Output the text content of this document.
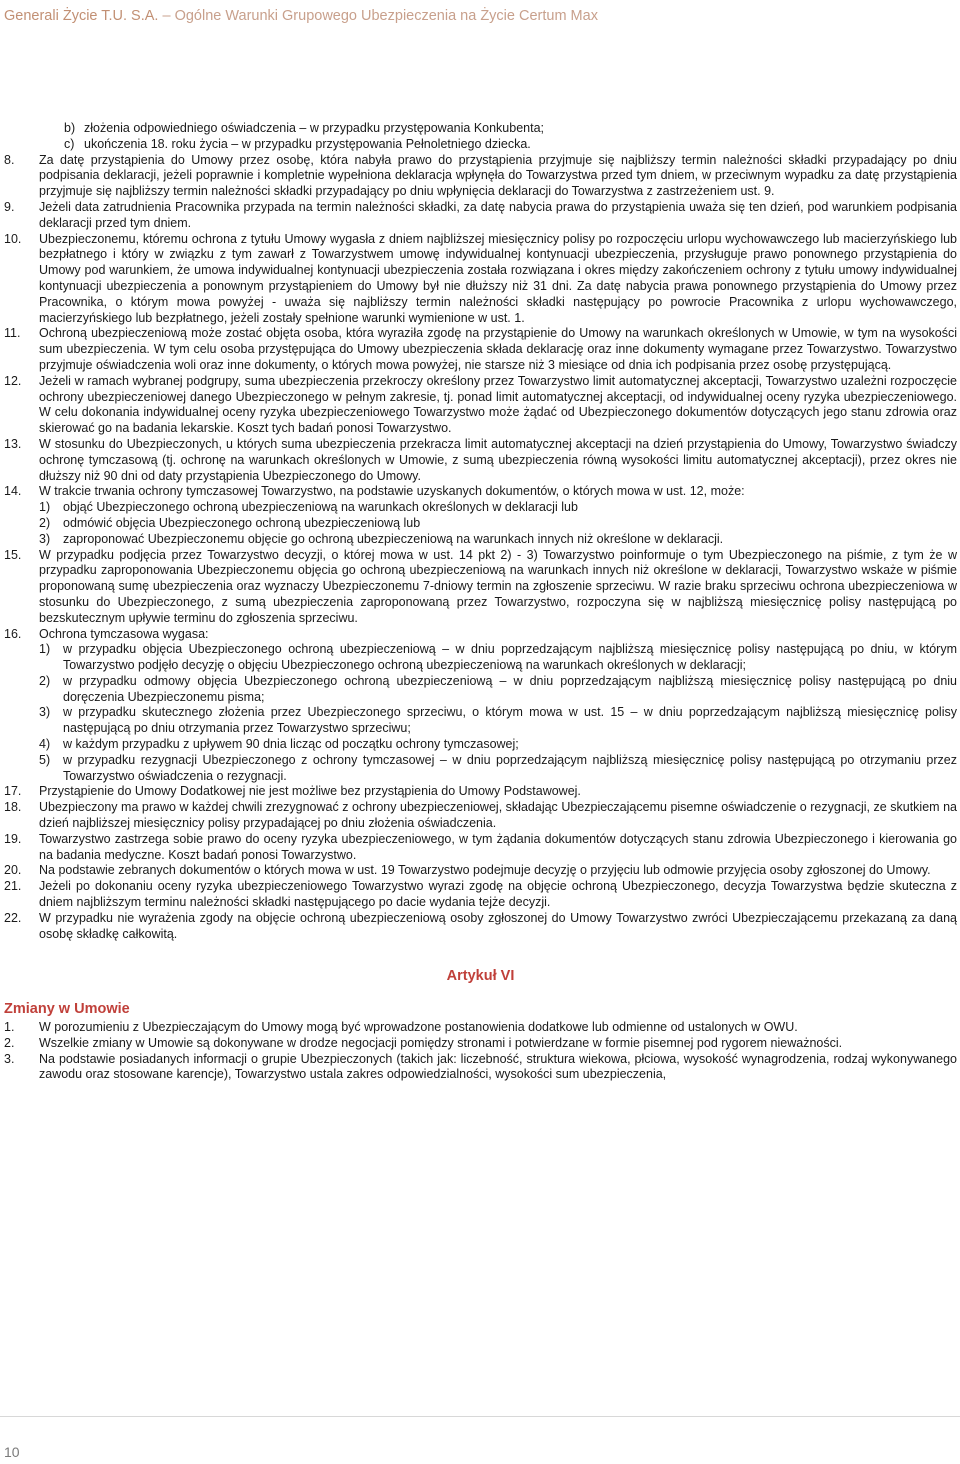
Generali Życie T.U. S.A. – Ogólne Warunki Grupowego Ubezpieczenia na Życie Certum Max
b) złożenia odpowiedniego oświadczenia – w przypadku przystępowania Konkubenta;
c) ukończenia 18. roku życia – w przypadku przystępowania Pełnoletniego dziecka.
8. Za datę przystąpienia do Umowy przez osobę, która nabyła prawo do przystąpienia przyjmuje się najbliższy termin należności składki przypadający po dniu podpisania deklaracji, jeżeli poprawnie i kompletnie wypełniona deklaracja wpłynęła do Towarzystwa przed tym dniem, w przeciwnym wypadku za datę przystąpienia przyjmuje się najbliższy termin należności składki przypadający po dniu wpłynięcia deklaracji do Towarzystwa z zastrzeżeniem ust. 9.
9. Jeżeli data zatrudnienia Pracownika przypada na termin należności składki, za datę nabycia prawa do przystąpienia uważa się ten dzień, pod warunkiem podpisania deklaracji przed tym dniem.
10. Ubezpieczonemu, któremu ochrona z tytułu Umowy wygasła z dniem najbliższej miesięcznicy polisy po rozpoczęciu urlopu wychowawczego lub macierzyńskiego lub bezpłatnego i który w związku z tym zawarł z Towarzystwem umowę indywidualnej kontynuacji ubezpieczenia, przysługuje prawo ponownego przystąpienia do Umowy pod warunkiem, że umowa indywidualnej kontynuacji ubezpieczenia została rozwiązana i okres między zakończeniem ochrony z tytułu umowy indywidualnej kontynuacji ubezpieczenia a ponownym przystąpieniem do Umowy był nie dłuższy niż 31 dni. Za datę nabycia prawa ponownego przystąpienia do Umowy przez Pracownika, o którym mowa powyżej - uważa się najbliższy termin należności składki następujący po powrocie Pracownika z urlopu wychowawczego, macierzyńskiego lub bezpłatnego, jeżeli zostały spełnione warunki wymienione w ust. 1.
11. Ochroną ubezpieczeniową może zostać objęta osoba, która wyraziła zgodę na przystąpienie do Umowy na warunkach określonych w Umowie, w tym na wysokości sum ubezpieczenia. W tym celu osoba przystępująca do Umowy ubezpieczenia składa deklarację oraz inne dokumenty wymagane przez Towarzystwo. Towarzystwo przyjmuje oświadczenia woli oraz inne dokumenty, o których mowa powyżej, nie starsze niż 3 miesiące od dnia ich podpisania przez osobę przystępującą.
12. Jeżeli w ramach wybranej podgrupy, suma ubezpieczenia przekroczy określony przez Towarzystwo limit automatycznej akceptacji, Towarzystwo uzależni rozpoczęcie ochrony ubezpieczeniowej danego Ubezpieczonego w pełnym zakresie, tj. ponad limit automatycznej akceptacji, od indywidualnej oceny ryzyka ubezpieczeniowego. W celu dokonania indywidualnej oceny ryzyka ubezpieczeniowego Towarzystwo może żądać od Ubezpieczonego dokumentów dotyczących jego stanu zdrowia oraz skierować go na badania lekarskie. Koszt tych badań ponosi Towarzystwo.
13. W stosunku do Ubezpieczonych, u których suma ubezpieczenia przekracza limit automatycznej akceptacji na dzień przystąpienia do Umowy, Towarzystwo świadczy ochronę tymczasową (tj. ochronę na warunkach określonych w Umowie, z sumą ubezpieczenia równą wysokości limitu automatycznej akceptacji), przez okres nie dłuższy niż 90 dni od daty przystąpienia Ubezpieczonego do Umowy.
14. W trakcie trwania ochrony tymczasowej Towarzystwo, na podstawie uzyskanych dokumentów, o których mowa w ust. 12, może:
1) objąć Ubezpieczonego ochroną ubezpieczeniową na warunkach określonych w deklaracji lub
2) odmówić objęcia Ubezpieczonego ochroną ubezpieczeniową lub
3) zaproponować Ubezpieczonemu objęcie go ochroną ubezpieczeniową na warunkach innych niż określone w deklaracji.
15. W przypadku podjęcia przez Towarzystwo decyzji, o której mowa w ust. 14 pkt 2) - 3) Towarzystwo poinformuje o tym Ubezpieczonego na piśmie, z tym że w przypadku zaproponowania Ubezpieczonemu objęcia go ochroną ubezpieczeniową na warunkach innych niż określone w deklaracji, Towarzystwo wskaże w piśmie proponowaną sumę ubezpieczenia oraz wyznaczy Ubezpieczonemu 7-dniowy termin na zgłoszenie sprzeciwu. W razie braku sprzeciwu ochrona ubezpieczeniowa w stosunku do Ubezpieczonego, z sumą ubezpieczenia zaproponowaną przez Towarzystwo, rozpoczyna się w najbliższą miesięcznicę polisy następującą po bezskutecznym upływie terminu do zgłoszenia sprzeciwu.
16. Ochrona tymczasowa wygasa:
1) w przypadku objęcia Ubezpieczonego ochroną ubezpieczeniową – w dniu poprzedzającym najbliższą miesięcznicę polisy następującą po dniu, w którym Towarzystwo podjęło decyzję o objęciu Ubezpieczonego ochroną ubezpieczeniową na warunkach określonych w deklaracji;
2) w przypadku odmowy objęcia Ubezpieczonego ochroną ubezpieczeniową – w dniu poprzedzającym najbliższą miesięcznicę polisy następującą po dniu doręczenia Ubezpieczonemu pisma;
3) w przypadku skutecznego złożenia przez Ubezpieczonego sprzeciwu, o którym mowa w ust. 15 – w dniu poprzedzającym najbliższą miesięcznicę polisy następującą po dniu otrzymania przez Towarzystwo sprzeciwu;
4) w każdym przypadku z upływem 90 dnia licząc od początku ochrony tymczasowej;
5) w przypadku rezygnacji Ubezpieczonego z ochrony tymczasowej – w dniu poprzedzającym najbliższą miesięcznicę polisy następującą po otrzymaniu przez Towarzystwo oświadczenia o rezygnacji.
17. Przystąpienie do Umowy Dodatkowej nie jest możliwe bez przystąpienia do Umowy Podstawowej.
18. Ubezpieczony ma prawo w każdej chwili zrezygnować z ochrony ubezpieczeniowej, składając Ubezpieczającemu pisemne oświadczenie o rezygnacji, ze skutkiem na dzień najbliższej miesięcznicy polisy przypadającej po dniu złożenia oświadczenia.
19. Towarzystwo zastrzega sobie prawo do oceny ryzyka ubezpieczeniowego, w tym żądania dokumentów dotyczących stanu zdrowia Ubezpieczonego i kierowania go na badania medyczne. Koszt badań ponosi Towarzystwo.
20. Na podstawie zebranych dokumentów o których mowa w ust. 19 Towarzystwo podejmuje decyzję o przyjęciu lub odmowie przyjęcia osoby zgłoszonej do Umowy.
21. Jeżeli po dokonaniu oceny ryzyka ubezpieczeniowego Towarzystwo wyrazi zgodę na objęcie ochroną Ubezpieczonego, decyzja Towarzystwa będzie skuteczna z dniem najbliższym terminu należności składki następującego po dacie wydania tejże decyzji.
22. W przypadku nie wyrażenia zgody na objęcie ochroną ubezpieczeniową osoby zgłoszonej do Umowy Towarzystwo zwróci Ubezpieczającemu przekazaną za daną osobę składkę całkowitą.
Artykuł VI
Zmiany w Umowie
1. W porozumieniu z Ubezpieczającym do Umowy mogą być wprowadzone postanowienia dodatkowe lub odmienne od ustalonych w OWU.
2. Wszelkie zmiany w Umowie są dokonywane w drodze negocjacji pomiędzy stronami i potwierdzane w formie pisemnej pod rygorem nieważności.
3. Na podstawie posiadanych informacji o grupie Ubezpieczonych (takich jak: liczebność, struktura wiekowa, płciowa, wysokość wynagrodzenia, rodzaj wykonywanego zawodu oraz stosowane karencje), Towarzystwo ustala zakres odpowiedzialności, wysokości sum ubezpieczenia,
10
